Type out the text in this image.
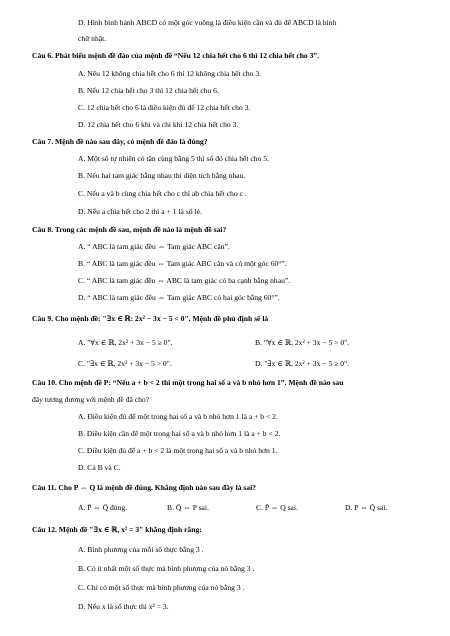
D. Hình bình hành ABCD có một góc vuông là điều kiện cần và đủ để ABCD là hình
chữ nhật.
Câu 6. Phát biểu mệnh đề đảo của mệnh đề “Nếu 12 chia hết cho 6 thì 12 chia hết cho 3”.
A. Nếu 12 không chia hết cho 6 thì 12 không chia hết cho 3.
B. Nếu 12 chia hết cho 3 thì 12 chia hết cho 6.
C. 12 chia hết cho 6 là điều kiện đủ để 12 chia hết cho 3.
D. 12 chia hết cho 6 khi và chỉ khi 12 chia hết cho 3.
Câu 7. Mệnh đề nào sau đây, có mệnh đề đảo là đúng?
A. Một số tự nhiên có tận cùng bằng 5 thì số đó chia hết cho 5.
B. Nếu hai tam giác bằng nhau thì diện tích bằng nhau.
C. Nếu a và b cùng chia hết cho c thì ab chia hết cho c .
D. Nếu a chia hết cho 2 thì a + 1 là số lẻ.
Câu 8. Trong các mệnh đề sau, mệnh đề nào là mệnh đề sai?
A. “ ABC là tam giác đều ⇔ Tam giác ABC cân”.
B. “ ABC là tam giác đều ⇔ Tam giác ABC cân và có một góc 60°”.
C. “ ABC là tam giác đều ⇔ ABC là tam giác có ba cạnh bằng nhau”.
D. “ ABC là tam giác đều ⇔ Tam giác ABC có hai góc bằng 60°”.
Câu 9. Cho mệnh đề: "∃x ∈ ℝ: 2x² − 3x − 5 < 0". Mệnh đề phủ định sẽ là
A. "∀x ∈ ℝ, 2x² + 3x − 5 ≥ 0".	B. "∀x ∈ ℝ, 2x² + 3x − 5 > 0".
C. "∃x ∈ ℝ, 2x² + 3x − 5 > 0".	D. "∃x ∈ ℝ, 2x² + 3x − 5 ≥ 0".
Câu 10. Cho mệnh đề P: “Nếu a + b < 2 thì một trong hai số a và b nhỏ hơn 1”. Mệnh đề nào sau
đây tương đương với mệnh đề đã cho?
A. Điều kiện đủ để một trong hai số a và b nhỏ hơn 1 là a + b < 2.
B. Điều kiện cần để một trong hai số a và b nhỏ hơn 1 là a + b < 2.
C. Điều kiện đủ để a + b < 2 là một trong hai số a và b nhỏ hơn 1.
D. Cả B và C.
Câu 11. Cho P ⇔ Q là mệnh đề đúng. Khẳng định nào sau đây là sai?
A. P̄ ⇔ Q̄ đúng.	B. Q̄ ⇔ P sai.	C. P̄ ⇔ Q sai.	D. P ⇔ Q̄ sai.
Câu 12. Mệnh đề "∃x ∈ ℝ, x² = 3" khẳng định rằng:
A. Bình phương của mỗi số thực bằng 3 .
B. Có ít nhất một số thực mà bình phương của nó bằng 3 .
C. Chỉ có một số thực mà bình phương của nó bằng 3 .
D. Nếu x là số thực thì x² = 3.
